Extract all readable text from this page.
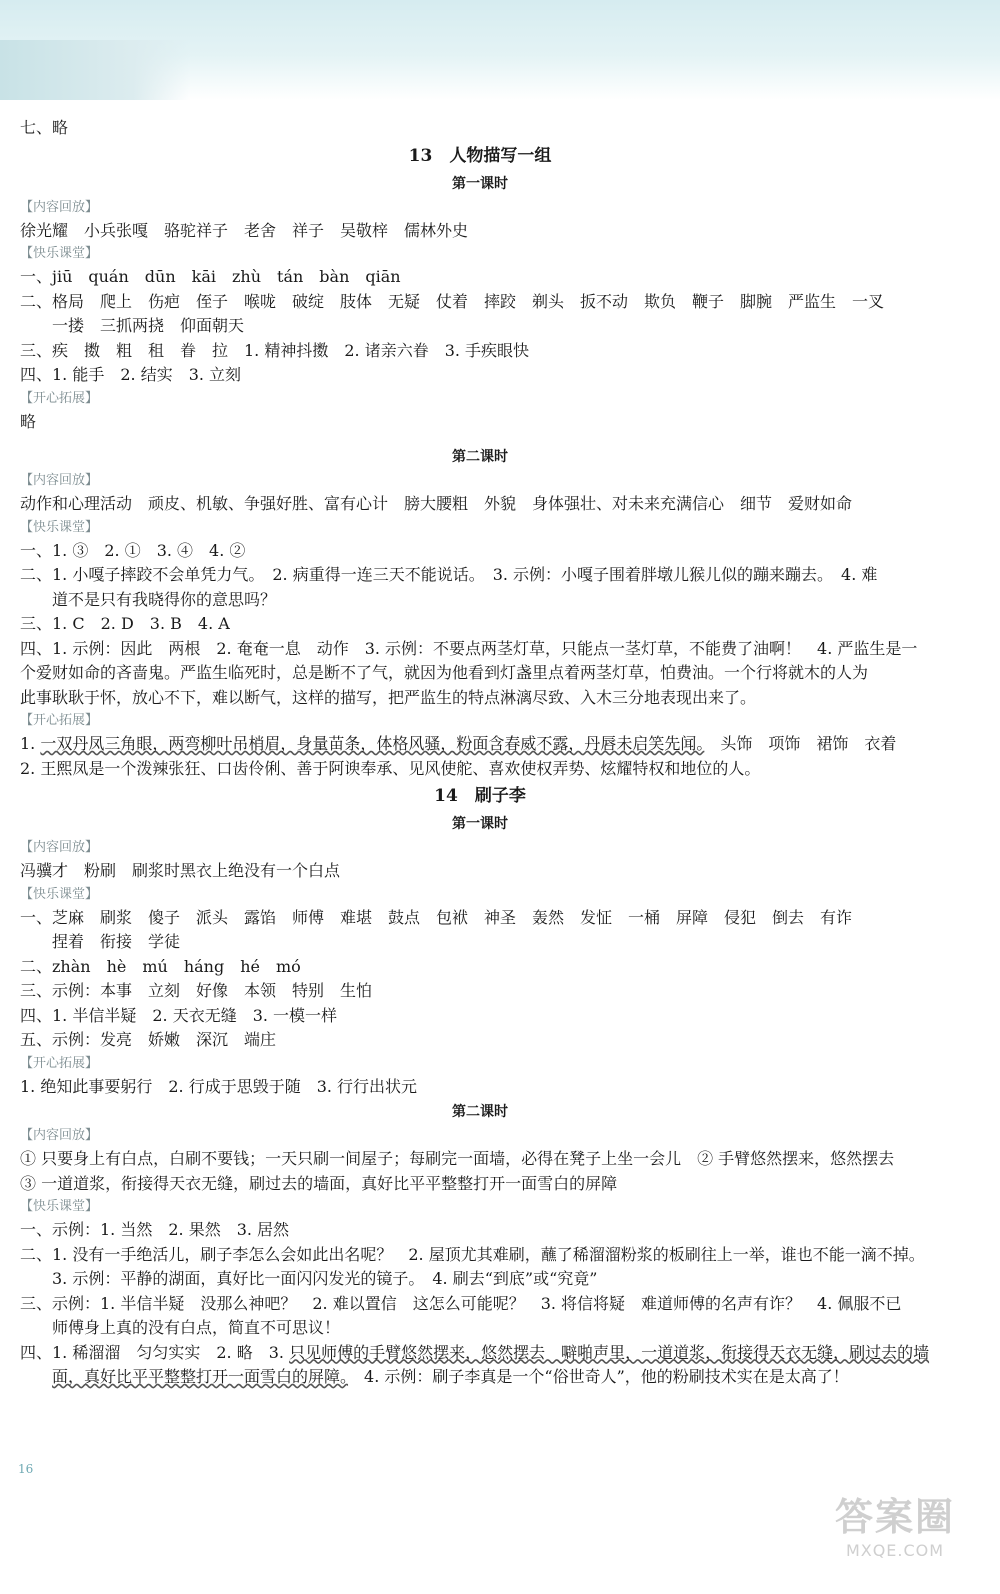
七、略
13　人物描写一组
第一课时
【内容回放】
徐光耀　小兵张嘎　骆驼祥子　老舍　祥子　吴敬梓　儒林外史
【快乐课堂】
一、jiū　quán　dūn　kāi　zhù　tán　bàn　qiān
二、格局　爬上　伤疤　侄子　喉咙　破绽　肢体　无疑　仗着　摔跤　剃头　扳不动　欺负　鞭子　脚腕　严监生　一叉
　　一搂　三抓两挠　仰面朝天
三、疾　擞　粗　租　眷　拉　1. 精神抖擞　2. 诸亲六眷　3. 手疾眼快
四、1. 能手　2. 结实　3. 立刻
【开心拓展】
略
第二课时
【内容回放】
动作和心理活动　顽皮、机敏、争强好胜、富有心计　膀大腰粗　外貌　身体强壮、对未来充满信心　细节　爱财如命
【快乐课堂】
一、1. ③　2. ①　3. ④　4. ②
二、1. 小嘎子摔跤不会单凭力气。　2. 病重得一连三天不能说话。　3. 示例：小嘎子围着胖墩儿猴儿似的蹦来蹦去。　4. 难
　　道不是只有我晓得你的意思吗？
三、1. C　2. D　3. B　4. A
四、1. 示例：因此　两根　2. 奄奄一息　动作　3. 示例：不要点两茎灯草，只能点一茎灯草，不能费了油啊！　4. 严监生是一
个爱财如命的吝啬鬼。严监生临死时，总是断不了气，就因为他看到灯盏里点着两茎灯草，怕费油。一个行将就木的人为
此事耿耿于怀，放心不下，难以断气，这样的描写，把严监生的特点淋漓尽致、入木三分地表现出来了。
【开心拓展】
1. 一双丹凤三角眼，两弯柳叶吊梢眉，身量苗条，体格风骚，粉面含春威不露，丹唇未启笑先闻。　头饰　项饰　裙饰　衣着
2. 王熙凤是一个泼辣张狂、口齿伶俐、善于阿谀奉承、见风使舵、喜欢使权弄势、炫耀特权和地位的人。
14　刷子李
第一课时
【内容回放】
冯骥才　粉刷　刷浆时黑衣上绝没有一个白点
【快乐课堂】
一、芝麻　刷浆　傻子　派头　露馅　师傅　难堪　鼓点　包袱　神圣　轰然　发怔　一桶　屏障　侵犯　倒去　有诈
　　捏着　衔接　学徒
二、zhàn　hè　mú　háng　hé　mó
三、示例：本事　立刻　好像　本领　特别　生怕
四、1. 半信半疑　2. 天衣无缝　3. 一模一样
五、示例：发亮　娇嫩　深沉　端庄
【开心拓展】
1. 绝知此事要躬行　2. 行成于思毁于随　3. 行行出状元
第二课时
【内容回放】
① 只要身上有白点，白刷不要钱；一天只刷一间屋子；每刷完一面墙，必得在凳子上坐一会儿　② 手臂悠然摆来，悠然摆去
③ 一道道浆，衔接得天衣无缝，刷过去的墙面，真好比平平整整打开一面雪白的屏障
【快乐课堂】
一、示例：1. 当然　2. 果然　3. 居然
二、1. 没有一手绝活儿，刷子李怎么会如此出名呢？　2. 屋顶尤其难刷，蘸了稀溜溜粉浆的板刷往上一举，谁也不能一滴不掉。
　　3. 示例：平静的湖面，真好比一面闪闪发光的镜子。　4. 刷去“到底”或“究竟”
三、示例：1. 半信半疑　没那么神吧？　2. 难以置信　这怎么可能呢？　3. 将信将疑　难道师傅的名声有诈？　4. 佩服不已
　　师傅身上真的没有白点，简直不可思议！
四、1. 稀溜溜　匀匀实实　2. 略　3. 只见师傅的手臂悠然摆来，悠然摆去　噼啪声里，一道道浆，衔接得天衣无缝，刷过去的墙
　　面，真好比平平整整打开一面雪白的屏障。　4. 示例：刷子李真是一个“俗世奇人”，他的粉刷技术实在是太高了！
16
答案圈
MXQE.COM
